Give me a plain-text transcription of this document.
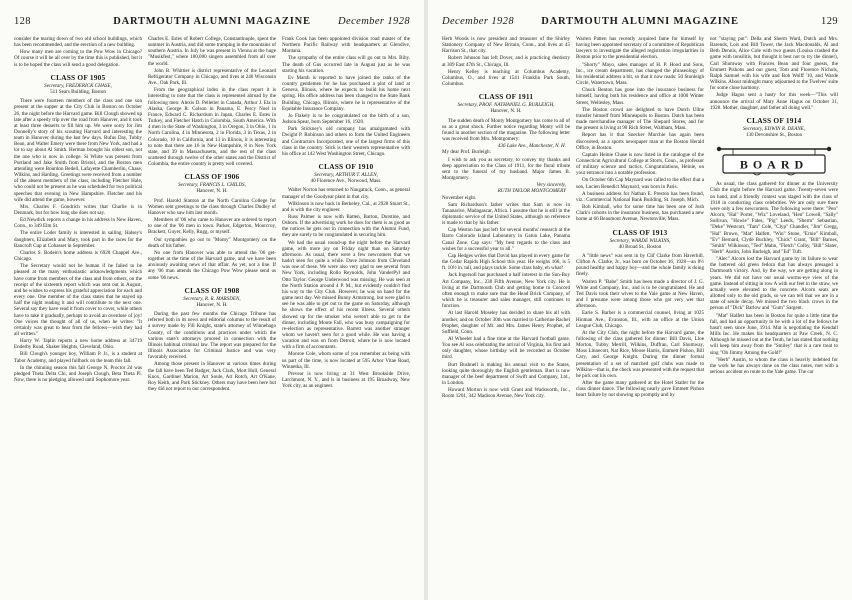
128	DARTMOUTH ALUMNI MAGAZINE	December 1928

consider the tearing down of two old school buildings, which has been recommended, and the erection of a new building.

How many men are coming to the Pow Wow in Chicago? Of course it will be all over by the time this is published, but it is to be hoped the class will send a good delegation.

CLASS OF 1905
Secretary, FREDERICK CHASE,
511 Sears Building, Boston

There were fourteen members of the class and one son present at the supper at the City Club in Boston on October 26, the night before the Harvard game. Bill Clough showed up late after a speedy trip over the road from Hanover, and it took at least three desserts to fill him up. We were sorry for Jim Donnelly's story of his scouting Harvard and interesting the team in Hanover during the last few days. Rufus Day, Tubby Bean, and Walter Emery were there from New York, and had a lot to say about Al Smith. Herman brought his oldest son, not the one who is now in college. Si White was present from Portland and Jake Smith from Bristol, and the Boston men attending were Bourdon Bedell, Lafayette Chamberlin, Chase, Wilkins, and Harding. Greetings were received from a number of the absent members of the class, including Fletcher Hale, who could not be present as he was scheduled for two political speeches that evening in New Hampshire. Fletcher and his wife did attend the game, however.

Mrs. Charles F. Goodrich writes that Charlie is in Denmark, but for how long she does not say.

Ed Newdick reports a change in his address in New Haven, Conn., to 349 Elm St.

The entire Loder family is interested in sailing. Halsey's daughters, Elizabeth and Mary, took part in the races for the Bancroft Cup at Cohasset in September.

Charles S. Bodein's home address is 6920 Chappel Ave., Chicago.

The Secretary would not be human if he failed to be pleased at the many enthusiastic acknowledgments which have come from members of the class and from others, on the receipt of the sixteenth report which was sent out in August, and he wishes to express his grateful appreciation for each and every one. One member of the class states that he stayed up half the night reading it and will contribute to the next one. Several say they have read it from cover to cover, while others have to take it gradually, perhaps to avoid an overdose of joy! One voices the thought of all of us, when he writes: "It certainly was great to hear from the fellows—wish they had all written."

Harry W. Taplin reports a new home address at 34719 Enderby Road, Shaker Heights, Cleveland, Ohio.

Bill Clough's younger boy, William P. Jr., is a student at Tabor Academy, and played fullback on the team this fall.

In the chinning season this fall George N. Proctor 2d was pledged Theta Delta Chi, and Joseph Clough, Beta Theta Pi. Now, there is no pledging allowed until Sophomore year.

Charles E. Estes of Robert College, Constantinople, spent the summer in Austria, and did some tramping in the mountains of southern Austria. In July he was present in Vienna at the huge "Musikfest," where 180,000 singers assembled from all over the world.

John B. Whittier is district representative of the Leonard Refrigerator Company in Chicago, and lives at 240 Wisconsin Ave., Oak Park, Ill.

From the geographical index in the class report it is interesting to note that the class is represented abroad by the following men: Alexis D. Pelletier in Canada, Arthur J. Ela in Alaska, George R. Colson in Panama, E. Percy Noel in France, Edward C. Richardson in Japan, Charles E. Estes in Turkey, and Fletcher Hatch in Colombia, South America. With 4 men in the State of Washington, 3 in Oregon, 3 in Ohio, 1 in North Carolina, 4 in Minnesota, 2 in Florida, 3 in Texas, 2 in Colorado, 10 in California, and 13 in Illinois, it is interesting to note that there are 16 in New Hampshire, 8 in New York state, and 39 in Massachusetts, and the rest of the class scattered through twelve of the other states and the District of Columbia, the entire country is pretty well covered.

CLASS OF 1906
Secretary, FRANCIS L. CHILDS,
Hanover, N. H.

Prof. Harold Stanton at the North Carolina College for Women sent greetings to the class through Charles Dudley of Hanover who saw him last month.

Members of '06 who came to Hanover are ordered to report to one of the '06 men in town. Parker, Edgerton, Moorcroy, Brackett, Guyer, Kelly, Rugg, or myself.

Our sympathies go out to "Monty" Montgomery on the death of his father.

No one from Hanover was able to attend the '06 get-together at the time of the Harvard game, and we have been anxiously awaiting news of that affair. As yet, not a line. If any '06 man attends the Chicago Pow Wow please send us some '06 news.

CLASS OF 1908
Secretary, R. R. MARSDEN,
Hanover, N. H.

During the past few months the Chicago Tribune has referred both in its news and editorial columns to the result of a survey made by Fill Knight, state's attorney of Winnebago County, of the conditions and practices under which the various state's attorneys proceed in connection with the Illinois habitual criminal law. The report was prepared for the Illinois Association for Criminal Justice and was very favorably received.

Among those present in Hanover at various times during the fall have been Ted Badger, Jack Clark, Mort Hull, General Knox, Gardiner Marion, Art Soule, Art Rotch, Art O'Kane, Roy Keith, and Park Stickney. Others may have been here but they did not report to our correspondent.

Frank Cook has been appointed division road master of the Northern Pacific Railway with headquarters at Glendive, Montana.

The sympathy of the entire class will go out to Mrs. Biby. The death of Gus occurred late in August just as he was starting his vacation.

Ev Marsh is reported to have joined the ranks of the country gentlemen for he has purchased a plot of land at Geneva, Illinois, where he expects to build his home next spring. His office address has been changed to the State Bank Building, Chicago, Illinois, where he is representative of the Equitable Insurance Company.

Jo Flakely is to be congratulated on the birth of a son, Judson Spear, born September 16, 1928.

Park Stickney's old company has amalgamated with Dwight P. Robinson and others to form the United Engineers and Contractors Incorporated, one of the largest firms of this class in the country. Stick is their western representative with his office at 142 West Washington Street, Chicago.

CLASS OF 1910
Secretary, ARTHUR T. ALLEN,
40 Florence Ave., Norwood, Mass.

Walter Norton has returned to Naugatuck, Conn., as general manager of the Goodyear plant in that city.

Wilkinson is now back in Berkeley, Cal., at 2928 Stuart St., and is with the city engineer.

Russ Palmer is now with Batten, Barton, Durstine, and Osborn. If the advertising work he does for them is as good as the notices he gets out in connection with the Alumni Fund, they are surely to be congratulated in securing him.

We had the usual round-up the night before the Harvard game, with more joy on Friday night than on Saturday afternoon. As usual, there were a few newcomers that we hadn't seen for quite a while. Dave Johnson from Cleveland was one of these. We were also very glad to see several from New York, including Rollo Reynolds, John VanderPyl and Otto Taylor. George Underwood was missing. He was seen at the North Station around 4 P. M., but evidently couldn't find his way to the City Club. However, he was on hand for the game next day. We missed Bunny Armstrong, but were glad to see he was able to get out to the game on Saturday, although he shows the effect of his recent illness. Several others showed up for the smoker who weren't able to get to the dinner, including Monte Fall, who was busy campaigning for re-election as representative. Barrett was another stranger whom we haven't seen for a good while. He was having a vacation and was on from Detroit, where he is now located with a firm of accountants.

Monroe Cole, whom some of you remember as being with us part of the time, is now located at 595 Arbor Vitae Road, Winnetka, Ill.

Prevear is now living at 31 West Brookside Drive, Larchmont, N. Y., and is in business at 195 Broadway, New York city, as an engineer.

December 1928	DARTMOUTH ALUMNI MAGAZINE	129

Herb Woods is now president and treasurer of the Shirley Stationery Company of New Britain, Conn., and lives at 45 Harrison St., that city.

Robert Johnson has left Dover, and is practicing dentistry at 309 East 47th St., Chicago, Ill.

Henry Kelley is teaching at Columbus Academy, Columbus, O., and lives at 1541 Franklin Park South, Columbus.

CLASS OF 1911
Secretary, PROF. NATHANIEL G. BURLEIGH,
Hanover, N. H.

The sudden death of Monty Montgomery has come to all of us as a great shock. Further notice regarding Monty will be found in another section of the magazine. The following letter was received from Mrs. Montgomery:

436 Lake Ave., Manchester, N. H.

My dear Prof. Burleigh:

I wish to ask you as secretary, to convey my thanks and deep appreciation to the Class of 1911, for the floral tribute sent to the funeral of my husband. Major James B. Montgomery.

Very sincerely,
RUTH TAYLOR MONTGOMERY

November eight.

Sam Richardson's father writes that Sam is now in Tananarive, Madagascar, Africa. I assume that he is still in the diplomatic service of the United States, although no reference is made to that by his father.

Cap Weston has just left for several months' research at the Barro Colorado Island Laboratory in Gatun Lake, Panama Canal Zone. Cap says: "My best regards to the class and wishes for a successful year to all."

Cap Hedges writes that David has played in every game for the Cedar Rapids High School this year. He weighs 166, is 5 ft. 10½ in. tall, and plays tackle. Some class baby, eh what?

Jack Ingersoll has purchased a half interest in the Sun-Boy Art Company, Inc., 230 Fifth Avenue, New York city. He is living at the Dartmouth Club and getting home to Concord often enough to make sure that the Head Brick Company, of which he is treasurer and sales manager, still continues to function.

At last Harold Moseley has decided to share his all with another, and on October 30th was married to Catherine Rachel Prophet, daughter of Mr. and Mrs. James Henry Prophet, of Suffield, Conn.

Al Wheeler had a fine time at the Harvard football game. You see Al was celebrating the arrival of Virginia, his first and only daughter, whose birthday will be recorded as October third.

Burt Bushnell is making his annual visit to the States, looking quite thoroughly the English gentleman. Burt is now manager of the beef department of Swift and Company, Ltd., in London.

Howard Morton is now with Grant and Wadsworth, Inc., Room 1201, 342 Madison Avenue, New York city.

Warren Patten has recently acquired fame for himself by having been appointed secretary of a committee of Republican lawyers to investigate the alleged registration irregularities in Boston prior to the presidential election.

"Shorty" Mayo, sales manager of H. P. Hood and Sons, Inc., ice cream department, has changed the phraseology of his residential address a bit, so that it now reads: 50 Stonleigh Circle, Watertown, Mass.

Chuck Benton has gone into the insurance business for himself, having both his residence and office at 1000 Winter Street, Wellesley, Mass.

The Boston crowd are delighted to have Dutch Ullne transfer himself from Minneapolis to Boston. Dutch has been made merchandise manager of The Shepard Stores, and for the present is living at 90 Rich Street, Waltham, Mass.

Report has it that Snecker Murchie has again been discovered, as a sports newspaper man at the Boston Herald Office, in Boston.

Captain Heinie Chase is now listed in the catalogue of the Connecticut Agricultural College at Storrs, Conn., as professor of military science and tactics. Congratulations, Heinie, on your entrance into a notable profession.

On October 6th Cap Maynard was called to the effect that a son, Lucien Benedict Maynard, was born in Paris.

A business address for Nathan E. Preston has been found, viz.: Commercial National Bank Building, St. Joseph, Mich.

Bob Kimball, who for some time has been one of Josh Clark's cohorts in the insurance business, has purchased a new home at 66 Beaumont Avenue, Newtonville, Mass.

CLASS OF 1913
Secretary, WARDE WILKINS,
40 Broad St., Boston

A "little news" was sent in by Clif Clarke from Haverhill. Clifton A. Clarke, Jr., was born on October 16, 1928—an 8½ pound healthy and happy boy—and the whole family is doing finely.

Warren P. "Babe" Smith has been made a director of J. G. White and Company, Inc., and is to be congratulated. He and Ted Davis took their wives to the Yale game at New Haven, and I presume were among those who got very wet that afternoon.

Earle S. Barber is a commercial counsel, living at 1025 Hinman Ave., Evanston, Ill., with an office at the Union League Club, Chicago.

At the City Club, the night before the Harvard game, the following of the class gathered for dinner: Bill Davis, Lloe Morton, Tubby Merrill, Wilkins, Duffran, Carl Shumway, Moss Linnecott, Nat Rice, Moose Harris, Emmett Pishon, Bill Cary, and George Knight. During the dinner formal presentation of a set of matched golf clubs was made to Wilkins—that is, the check was presented with the request that he pick out his own.

After the game many gathered at the Hotel Statler for the class dinner dance. The following nearly gave Emmett Pishon heart failure by not showing up promptly and by

not "staying put": Della and Sherm Ward, Dutch and Mrs. Barends, Lois and Bill Tower, the Jack Macdonalds, Al and Beth Dennis, Alice Cole with two guests (Louisa crashed the game with tonsilitis, but thought it best not to try the dinner), Carl Shumway with Frances Bean and four guests, the Emmett Pishons and our guest, Tom and Florence Nichols, Ralph Samuel with his wife and Bob Wolff '10, and Warde Wilkins. About midnight many adjourned to the Twelves' suite for some close harmony.

Judge Hagus sent a hasty for this week—"This will announce the arrival of Mary Anne Hagus on October 31, 1928. Mother, daughter, and father all doing well."

CLASS OF 1914
Secretary, EDWIN R. DEANE,
130 Devonshire St., Boston
BOARD

As usual, the class gathered for dinner at the University Club the night before the Harvard game. Twenty-seven were on hand, and a friendly contest was staged with the class of 1918 in conducting class celebrities. We are only sure there were only a few newcomers. The following were there: "Pen" Alcorn, "Hal" Porter, "Wiz" Loveland, "Hen" Lowell, "Sally" Sullivan, "Howie" Fales, "Pig" Leeds, "Sherm" Sebastian, "Deke" Westcott, "Tam" Cole, "Clyp" Chandler, "Jim" Gregg, "Hal" Brown, "Mat" Halfett, "Win" Stone, "Ernie" Kimball, "Ev" Bernard, Clyde Buckley, "Chick" Grant, "Bill" Barnes, "Smith" Wilkinson, "Ted" Mahn, "Fletch" Colby, "Bill" Slater, "Herb" Austin, John Burleigh, and "Ed" Tuft.

"Alec" Alcorn lost the Harvard game by its failure to wear the battered old green fedora that has always presaged a Dartmouth victory. And, by the way, we are getting along in years. We did not have our usual worms-eye view of the game. Instead of sitting in row A with our feet in the straw, we actually were elevated to the concrete. Alcorn seats are allotted only to the old grads, so we can tell that we are in a state of senile decay. We missed the two black crows in the person of "Dick" Barlow and "Gum" Sargent.

"Mat" Halfett has been in Boston for quite a little time the fall, and had an opportunity to be with a lot of the fellows he hasn't seen since June, 1914. Mat is negotiating the Kendall Mills Inc. He makes his headquarters at Paw Creek, N. C. Although he missed out at the Tenth, he has stated that nothing will keep him away from the "Smiley" that is a rare treat to sing "Oh Jimmy Among the Gold!"

"Herb" Austin, to whom the class is heavily indebted for the work he has always done on the class notes, met with a serious accident en route to the Yale game. The car
